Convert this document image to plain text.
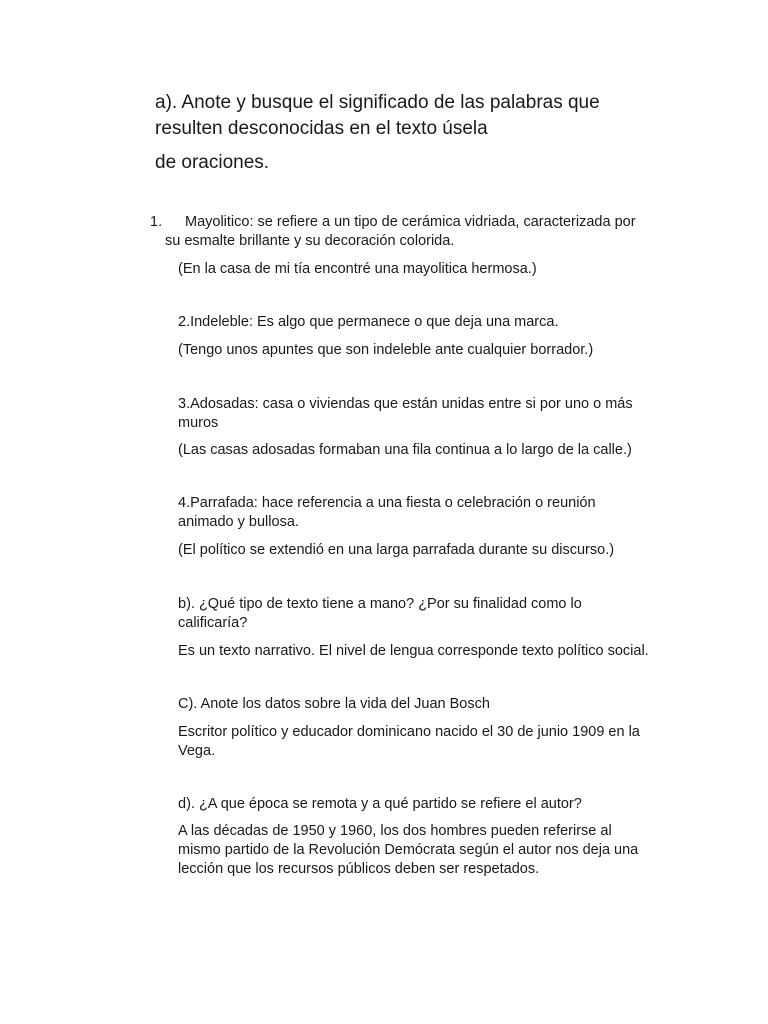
a). Anote y busque el significado de las palabras que
resulten desconocidas en el texto úsela
de oraciones.
1. Mayolitico: se refiere a un tipo de cerámica vidriada, caracterizada por
su esmalte brillante y su decoración colorida.
(En la casa de mi tía encontré una mayolitica hermosa.)
2.Indeleble: Es algo que permanece o que deja una marca.
(Tengo unos apuntes que son indeleble ante cualquier borrador.)
3.Adosadas: casa o viviendas que están unidas entre si por uno o más
muros
(Las casas adosadas formaban una fila continua a lo largo de la calle.)
4.Parrafada: hace referencia a una fiesta o celebración o reunión
animado y bullosa.
(El político se extendió en una larga parrafada durante su discurso.)
b). ¿Qué tipo de texto tiene a mano? ¿Por su finalidad como lo
calificaría?
Es un texto narrativo. El nivel de lengua corresponde texto político social.
C). Anote los datos sobre la vida del Juan Bosch
Escritor político y educador dominicano nacido el 30 de junio 1909 en la
Vega.
d). ¿A que época se remota y a qué partido se refiere el autor?
A las décadas de 1950 y 1960, los dos hombres pueden referirse al
mismo partido de la Revolución Demócrata según el autor nos deja una
lección que los recursos públicos deben ser respetados.
